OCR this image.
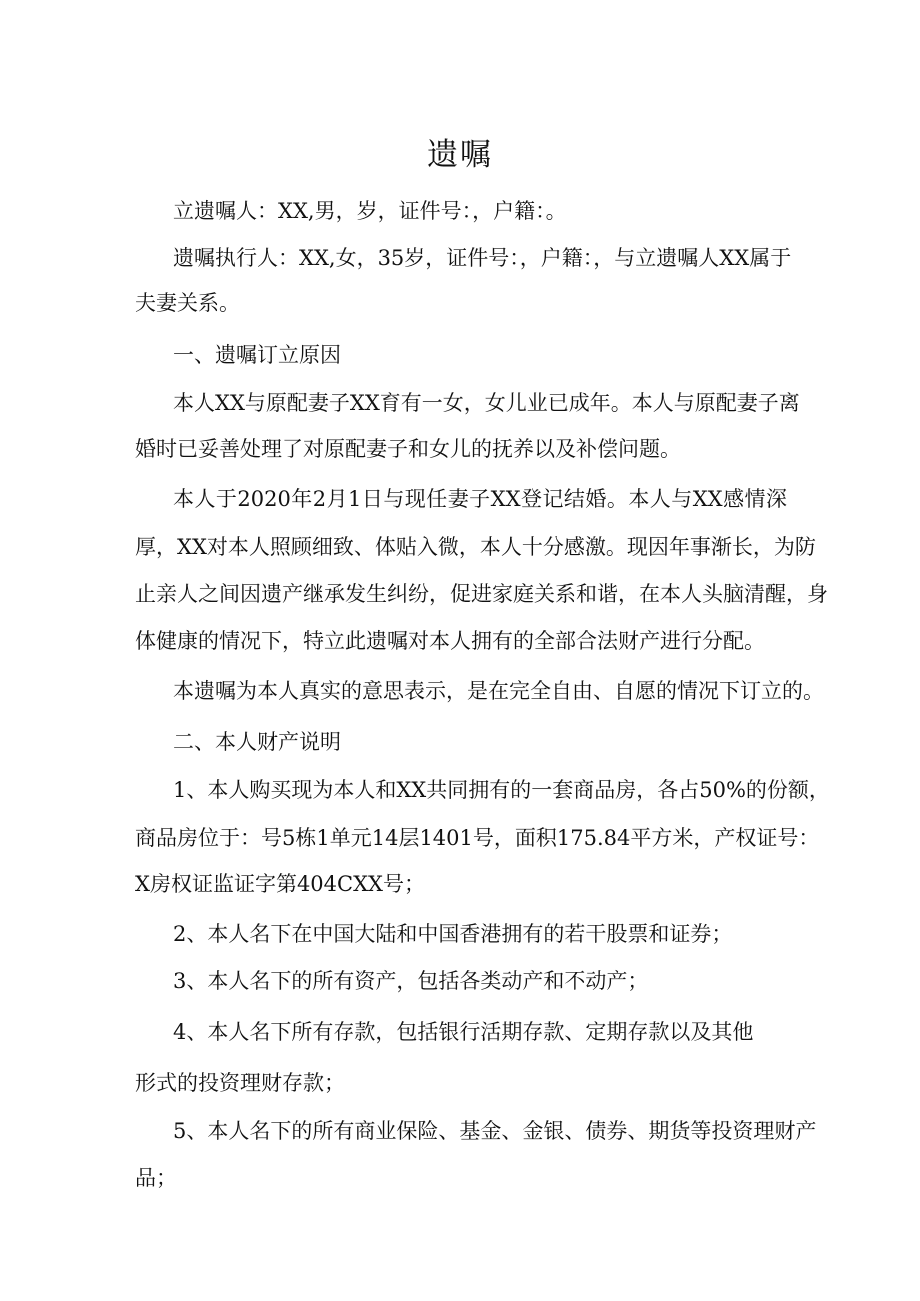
遗嘱

立遗嘱人：XX,男，岁，证件号：，户籍：。

遗嘱执行人：XX,女，35岁，证件号：，户籍：，与立遗嘱人XX属于

夫妻关系。

一、遗嘱订立原因

本人XX与原配妻子XX育有一女，女儿业已成年。本人与原配妻子离

婚时已妥善处理了对原配妻子和女儿的抚养以及补偿问题。

本人于2020年2月1日与现任妻子XX登记结婚。本人与XX感情深

厚，XX对本人照顾细致、体贴入微，本人十分感激。现因年事渐长，为防

止亲人之间因遗产继承发生纠纷，促进家庭关系和谐，在本人头脑清醒，身

体健康的情况下，特立此遗嘱对本人拥有的全部合法财产进行分配。

本遗嘱为本人真实的意思表示，是在完全自由、自愿的情况下订立的。

二、本人财产说明

1、本人购买现为本人和XX共同拥有的一套商品房，各占50%的份额，

商品房位于：号5栋1单元14层1401号，面积175.84平方米，产权证号：

X房权证监证字第404CXX号；

2、本人名下在中国大陆和中国香港拥有的若干股票和证券；

3、本人名下的所有资产，包括各类动产和不动产；

4、本人名下所有存款，包括银行活期存款、定期存款以及其他

形式的投资理财存款；

5、本人名下的所有商业保险、基金、金银、债券、期货等投资理财产

品；
